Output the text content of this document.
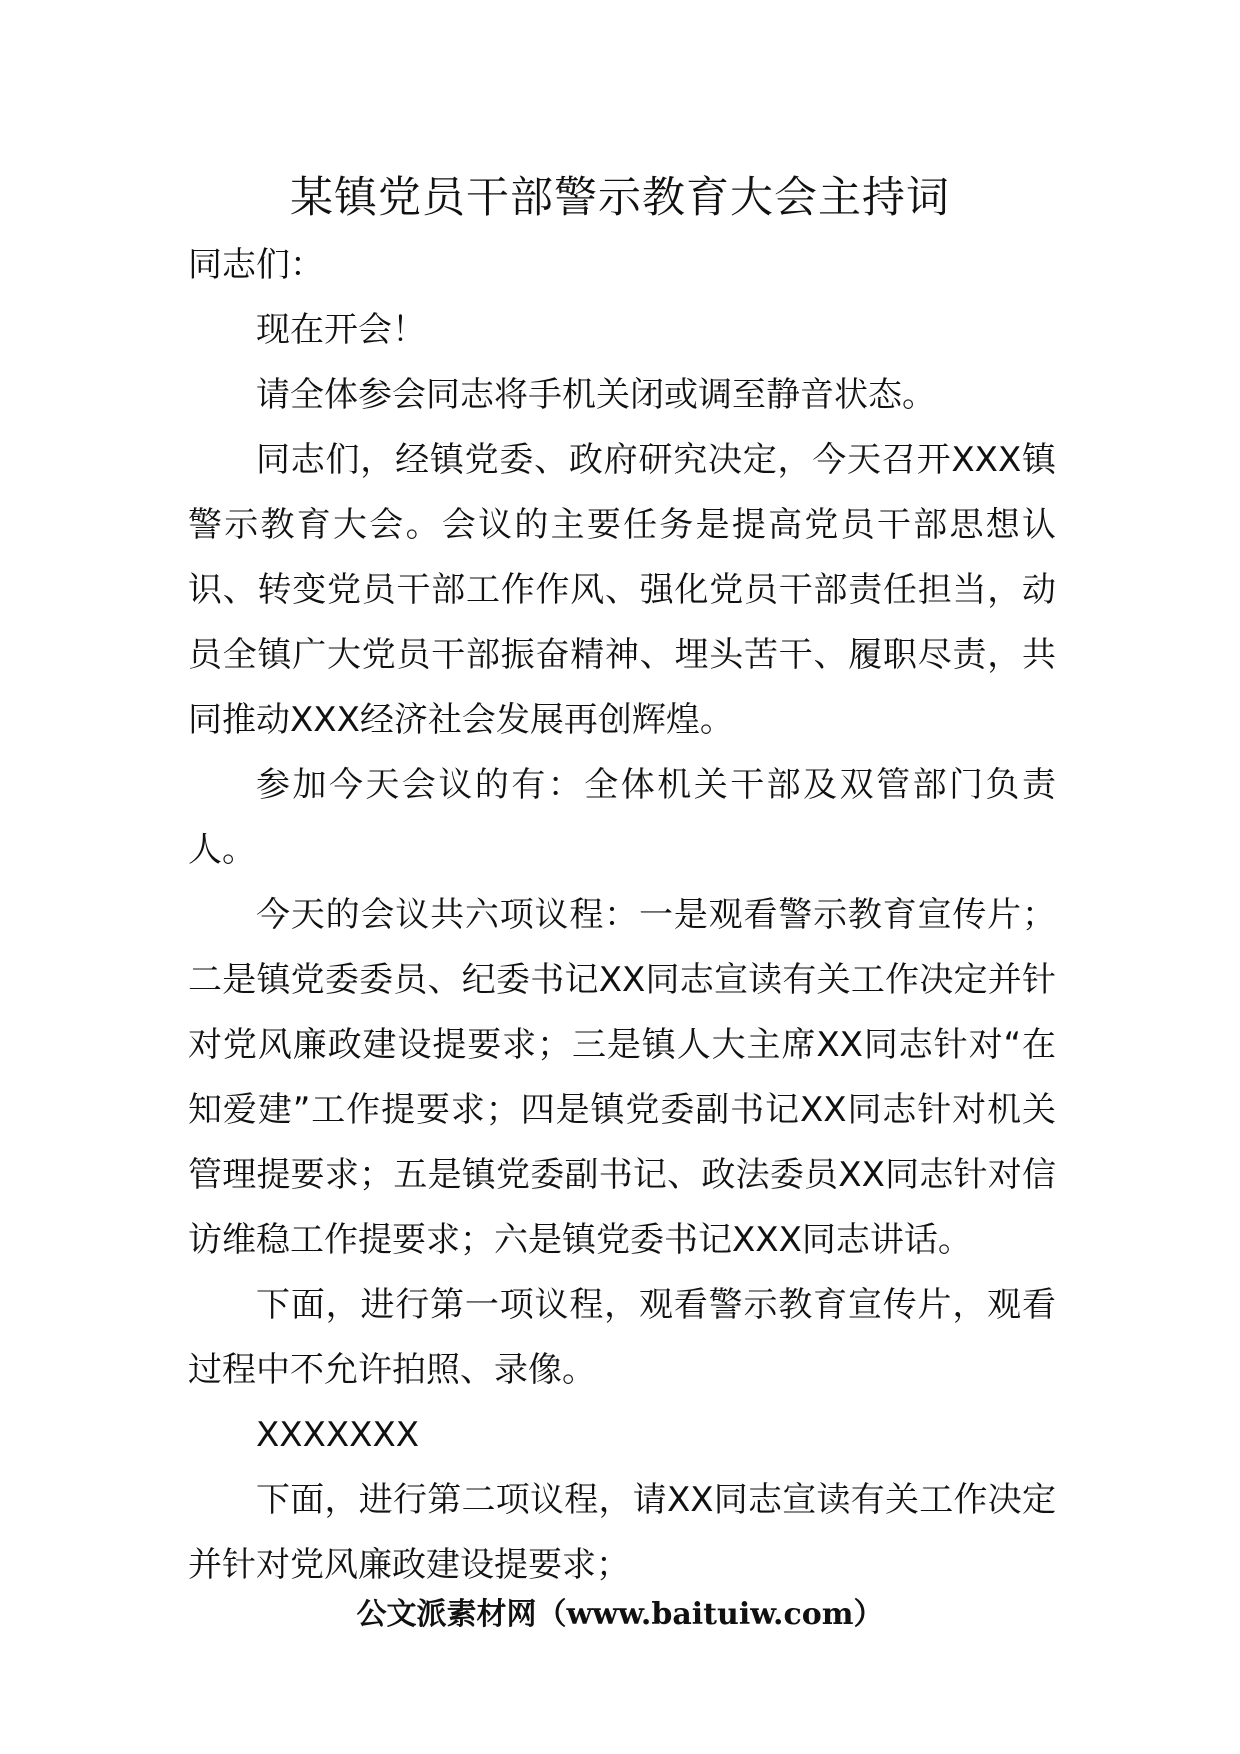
某镇党员干部警示教育大会主持词

同志们：

现在开会！

请全体参会同志将手机关闭或调至静音状态。

同志们，经镇党委、政府研究决定，今天召开XXX镇警示教育大会。会议的主要任务是提高党员干部思想认识、转变党员干部工作作风、强化党员干部责任担当，动员全镇广大党员干部振奋精神、埋头苦干、履职尽责，共同推动XXX经济社会发展再创辉煌。

参加今天会议的有：全体机关干部及双管部门负责人。

今天的会议共六项议程：一是观看警示教育宣传片；二是镇党委委员、纪委书记XX同志宣读有关工作决定并针对党风廉政建设提要求；三是镇人大主席XX同志针对“在知爱建”工作提要求；四是镇党委副书记XX同志针对机关管理提要求；五是镇党委副书记、政法委员XX同志针对信访维稳工作提要求；六是镇党委书记XXX同志讲话。

下面，进行第一项议程，观看警示教育宣传片，观看过程中不允许拍照、录像。

XXXXXXX

下面，进行第二项议程，请XX同志宣读有关工作决定并针对党风廉政建设提要求；

公文派素材网（www.baituiw.com）
